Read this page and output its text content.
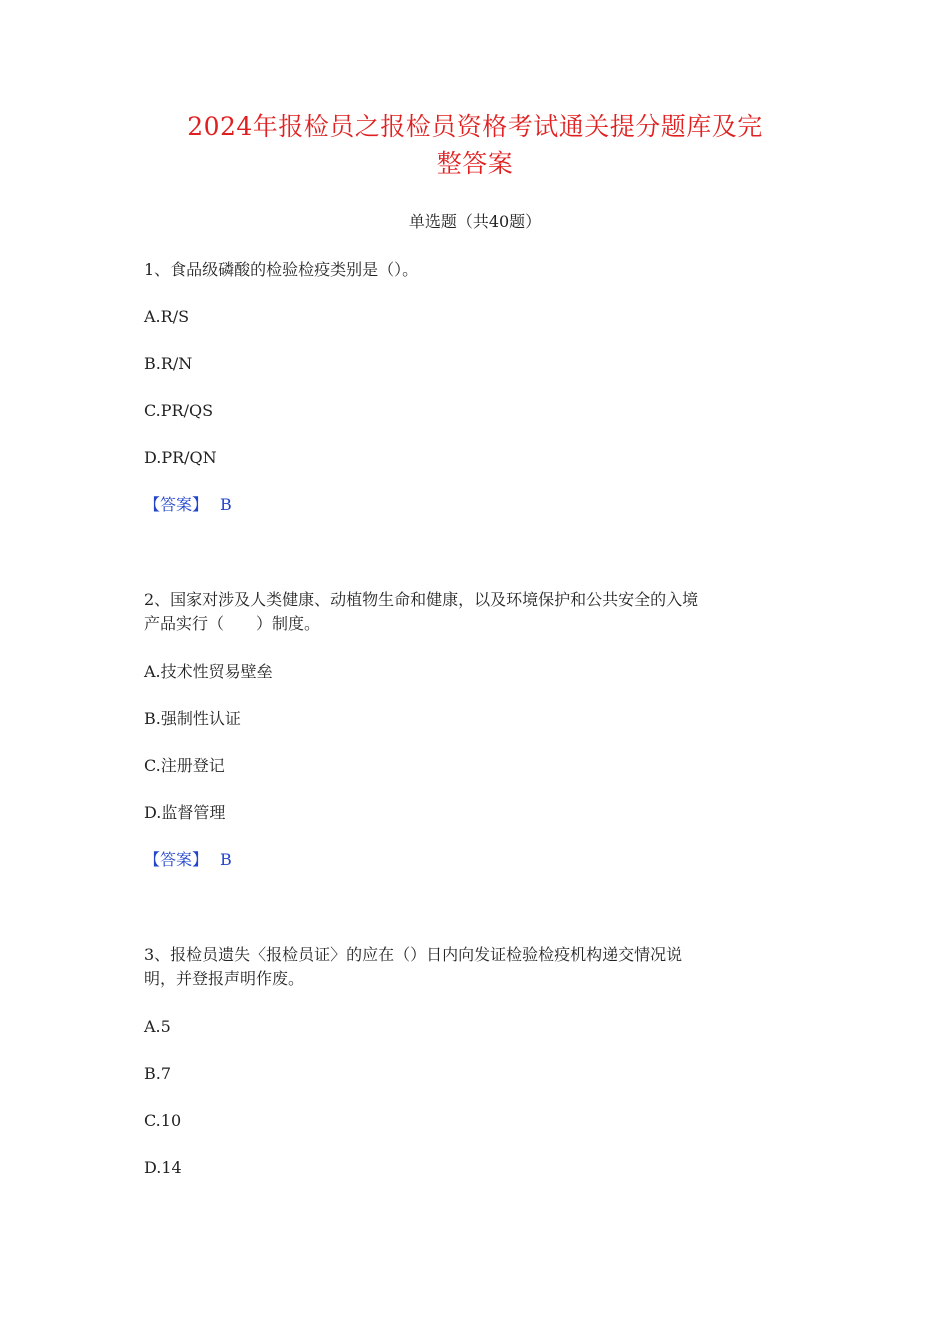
2024年报检员之报检员资格考试通关提分题库及完
整答案
单选题（共40题）
1、食品级磷酸的检验检疫类别是（）。
A.R/S
B.R/N
C.PR/QS
D.PR/QN
【答案】 B
2、国家对涉及人类健康、动植物生命和健康，以及环境保护和公共安全的入境
产品实行（　　）制度。
A.技术性贸易壁垒
B.强制性认证
C.注册登记
D.监督管理
【答案】 B
3、报检员遗失〈报检员证〉的应在（）日内向发证检验检疫机构递交情况说
明，并登报声明作废。
A.5
B.7
C.10
D.14
